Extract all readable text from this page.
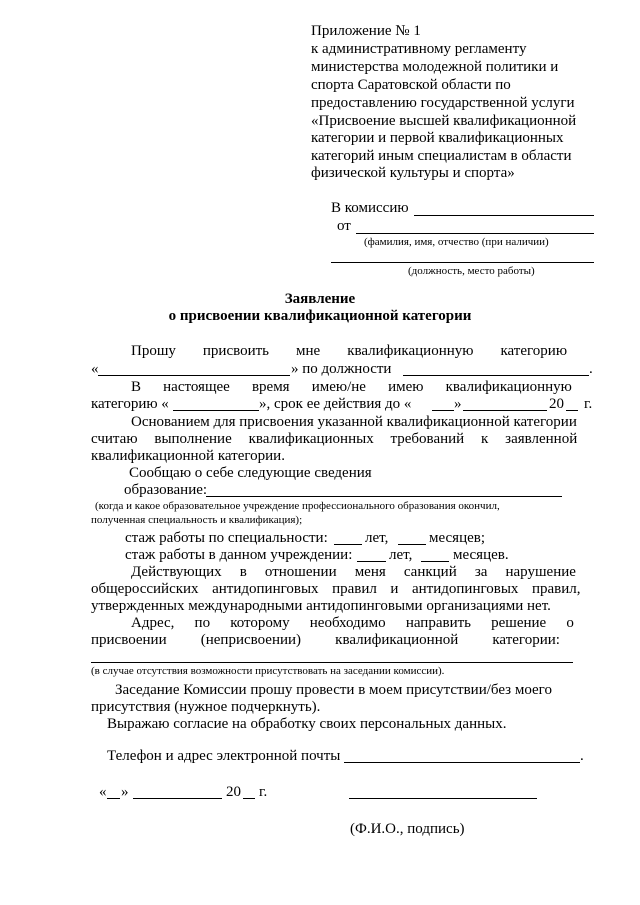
Приложение № 1
к административному регламенту
министерства молодежной политики и
спорта Саратовской области по
предоставлению государственной услуги
«Присвоение высшей квалификационной
категории и первой квалификационных
категорий иным специалистам в области
физической культуры и спорта»
В комиссию
от
(фамилия, имя, отчество (при наличии)
(должность, место работы)
Заявление
о присвоении квалификационной категории
Прошу присвоить мне квалификационную категорию
«	» по должности	.
В настоящее время имею/не имею квалификационную
категорию «	», срок ее действия до «	»	20 г.
Основанием для присвоения указанной квалификационной категории
считаю выполнение квалификационных требований к заявленной
квалификационной категории.
Сообщаю о себе следующие сведения
образование:
(когда и какое образовательное учреждение профессионального образования окончил,
полученная специальность и квалификация);
стаж работы по специальности: лет,	месяцев;
стаж работы в данном учреждении: лет,	месяцев.
Действующих в отношении меня санкций за нарушение
общероссийских антидопинговых правил и антидопинговых правил,
утвержденных международными антидопинговыми организациями нет.
Адрес, по которому необходимо направить решение о
присвоении (неприсвоении) квалификационной категории:
(в случае отсутствия возможности присутствовать на заседании комиссии).
Заседание Комиссии прошу провести в моем присутствии/без моего
присутствия (нужное подчеркнуть).
Выражаю согласие на обработку своих персональных данных.
Телефон и адрес электронной почты	.
« »	20 г.
(Ф.И.О., подпись)
